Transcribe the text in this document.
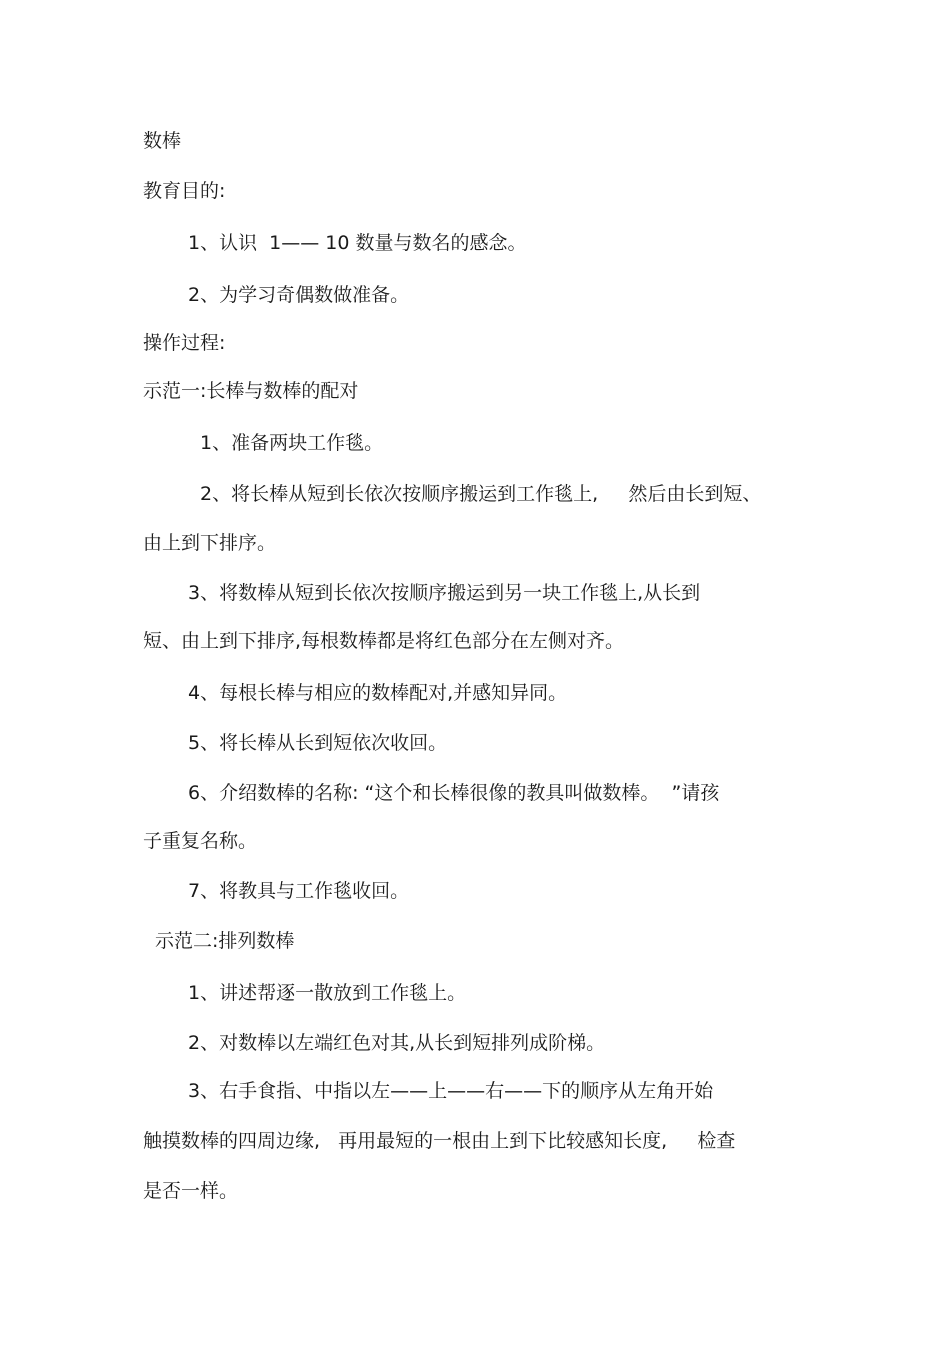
数棒

教育目的:

1、认识  1—— 10 数量与数名的感念。

2、为学习奇偶数做准备。

操作过程:

示范一:长棒与数棒的配对

1、准备两块工作毯。

2、将长棒从短到长依次按顺序搬运到工作毯上,     然后由长到短、

由上到下排序。

3、将数棒从短到长依次按顺序搬运到另一块工作毯上,从长到

短、由上到下排序,每根数棒都是将红色部分在左侧对齐。

4、每根长棒与相应的数棒配对,并感知异同。

5、将长棒从长到短依次收回。

6、介绍数棒的名称: “这个和长棒很像的教具叫做数棒。  ”请孩

子重复名称。

7、将教具与工作毯收回。

示范二:排列数棒

1、讲述帮逐一散放到工作毯上。

2、对数棒以左端红色对其,从长到短排列成阶梯。

3、右手食指、中指以左——上——右——下的顺序从左角开始

触摸数棒的四周边缘,   再用最短的一根由上到下比较感知长度,     检查

是否一样。
